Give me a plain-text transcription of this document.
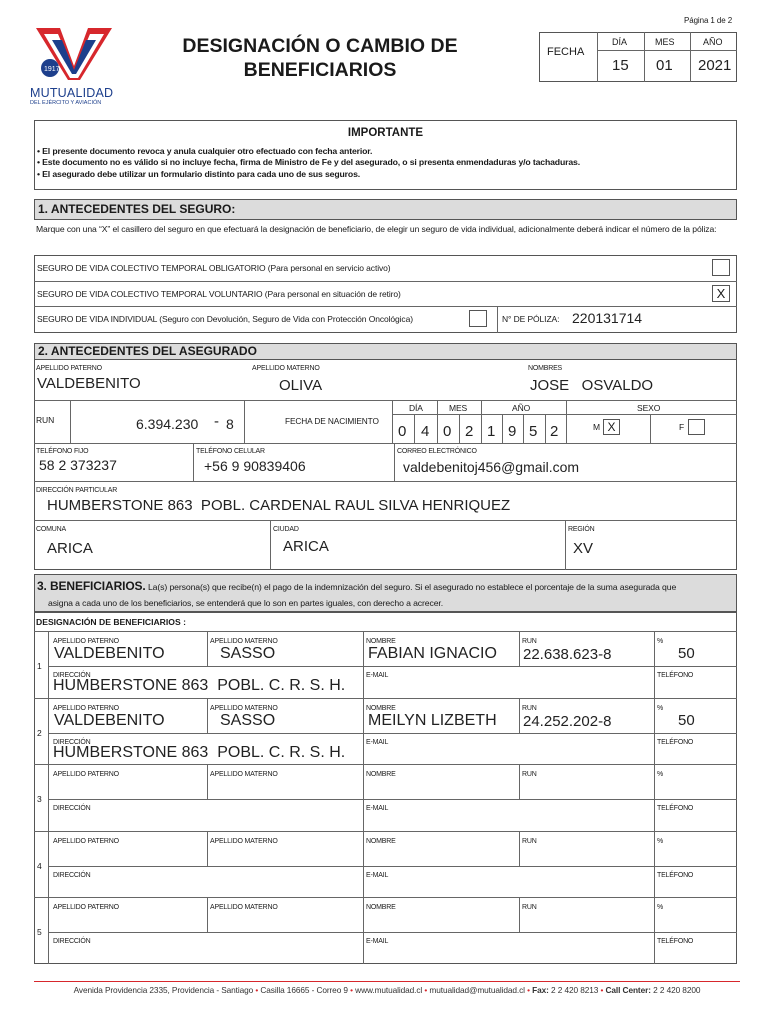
Página 1 de 2
1917
MUTUALIDAD
DEL EJÉRCITO Y AVIACIÓN
DESIGNACIÓN O CAMBIO DE
BENEFICIARIOS
FECHA
DÍA	MES	AÑO
15 01 2021
IMPORTANTE
• El presente documento revoca y anula cualquier otro efectuado con fecha anterior.
• Este documento no es válido si no incluye fecha, firma de Ministro de Fe y del asegurado, o si presenta enmendaduras y/o tachaduras.
• El asegurado debe utilizar un formulario distinto para cada uno de sus seguros.
1. ANTECEDENTES DEL SEGURO:
Marque con una “X” el casillero del seguro en que efectuará la designación de beneficiario, de elegir un seguro de vida individual, adicionalmente deberá indicar el número de la póliza:
SEGURO DE VIDA COLECTIVO TEMPORAL OBLIGATORIO (Para personal en servicio activo)
SEGURO DE VIDA COLECTIVO TEMPORAL VOLUNTARIO (Para personal en situación de retiro)	X
SEGURO DE VIDA INDIVIDUAL (Seguro con Devolución, Seguro de Vida con Protección Oncológica)	N° DE PÓLIZA: 220131714
2. ANTECEDENTES DEL ASEGURADO
APELLIDO PATERNO
VALDEBENITO
APELLIDO MATERNO
OLIVA
NOMBRES
JOSE   OSVALDO
RUN	6.394.230 - 8	FECHA DE NACIMIENTO
DÍA	MES	AÑO	SEXO
0 4 0 2 1 9 5 2	M X	F
TELÉFONO FIJO
58 2 373237
TELÉFONO CELULAR
+56 9 90839406
CORREO ELECTRÓNICO
valdebenitoj456@gmail.com
DIRECCIÓN PARTICULAR
HUMBERSTONE 863  POBL. CARDENAL RAUL SILVA HENRIQUEZ
COMUNA
ARICA
CIUDAD
ARICA
REGIÓN
XV
3. BENEFICIARIOS. La(s) persona(s) que recibe(n) el pago de la indemnización del seguro. Si el asegurado no establece el porcentaje de la suma asegurada que
asigna a cada uno de los beneficiarios, se entenderá que lo son en partes iguales, con derecho a acrecer.
DESIGNACIÓN DE BENEFICIARIOS :
1
APELLIDO PATERNO	APELLIDO MATERNO	NOMBRE	RUN	%
VALDEBENITO	SASSO	FABIAN IGNACIO 22.638.623-8	50
DIRECCIÓN	E-MAIL	TELÉFONO
HUMBERSTONE 863  POBL. C. R. S. H.
2
APELLIDO PATERNO	APELLIDO MATERNO	NOMBRE	RUN	%
VALDEBENITO	SASSO	MEILYN LIZBETH 24.252.202-8	50
DIRECCIÓN	E-MAIL	TELÉFONO
HUMBERSTONE 863  POBL. C. R. S. H.
3
APELLIDO PATERNO	APELLIDO MATERNO	NOMBRE	RUN	%
DIRECCIÓN	E-MAIL	TELÉFONO
4
APELLIDO PATERNO	APELLIDO MATERNO	NOMBRE	RUN	%
DIRECCIÓN	E-MAIL	TELÉFONO
5
APELLIDO PATERNO	APELLIDO MATERNO	NOMBRE	RUN	%
DIRECCIÓN	E-MAIL	TELÉFONO
Avenida Providencia 2335, Providencia - Santiago • Casilla 16665 - Correo 9 • www.mutualidad.cl • mutualidad@mutualidad.cl • Fax: 2 2 420 8213 • Call Center: 2 2 420 8200
